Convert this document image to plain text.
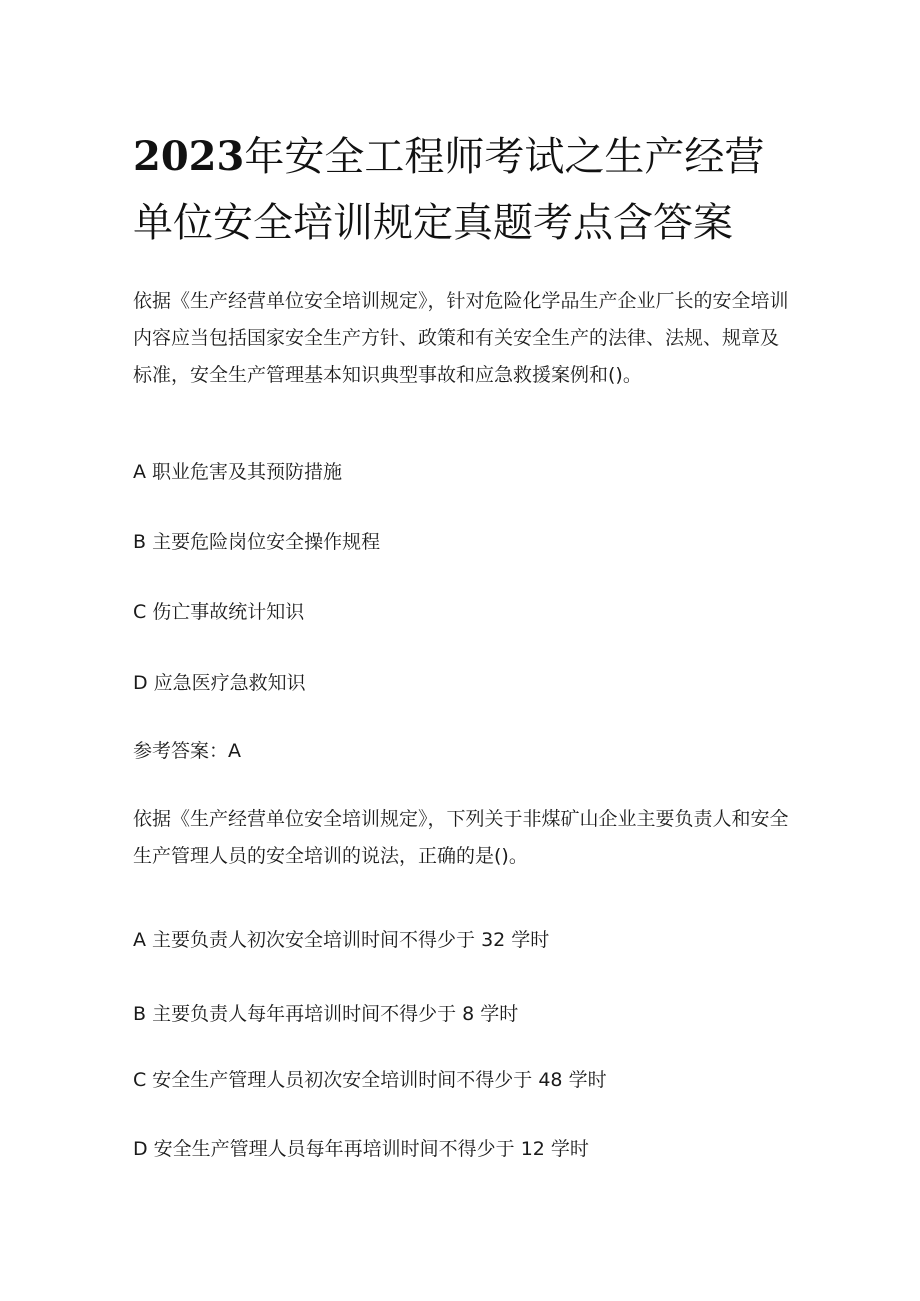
2023年安全工程师考试之生产经营单位安全培训规定真题考点含答案

依据《生产经营单位安全培训规定》，针对危险化学品生产企业厂长的安全培训内容应当包括国家安全生产方针、政策和有关安全生产的法律、法规、规章及标准，安全生产管理基本知识典型事故和应急救援案例和()。

A 职业危害及其预防措施

B 主要危险岗位安全操作规程

C 伤亡事故统计知识

D 应急医疗急救知识

参考答案：A

依据《生产经营单位安全培训规定》，下列关于非煤矿山企业主要负责人和安全生产管理人员的安全培训的说法，正确的是()。

A 主要负责人初次安全培训时间不得少于 32 学时

B 主要负责人每年再培训时间不得少于 8 学时

C 安全生产管理人员初次安全培训时间不得少于 48 学时

D 安全生产管理人员每年再培训时间不得少于 12 学时
